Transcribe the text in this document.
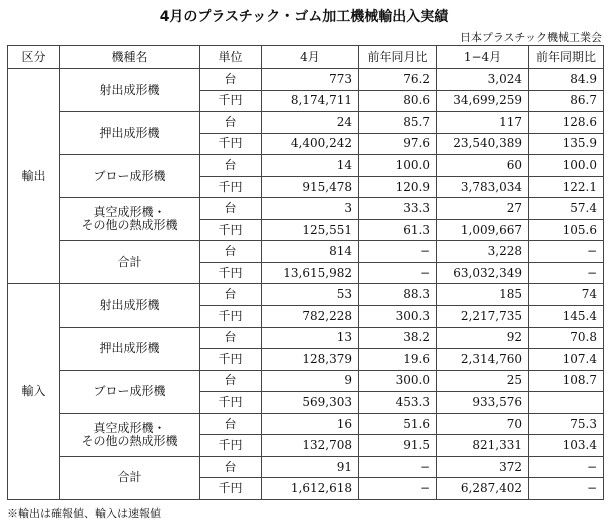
4月のプラスチック・ゴム加工機械輸出入実績
日本プラスチック機械工業会
区分	機種名	単位	4月	前年同月比	1−4月	前年同期比
輸出	射出成形機	台	773	76.2	3,024	84.9
		千円	8,174,711	80.6	34,699,259	86.7
	押出成形機	台	24	85.7	117	128.6
		千円	4,400,242	97.6	23,540,389	135.9
	ブロー成形機	台	14	100.0	60	100.0
		千円	915,478	120.9	3,783,034	122.1
	真空成形機・
その他の熱成形機	台	3	33.3	27	57.4
		千円	125,551	61.3	1,009,667	105.6
	合計	台	814	−	3,228	−
		千円	13,615,982	−	63,032,349	−
輸入	射出成形機	台	53	88.3	185	74
		千円	782,228	300.3	2,217,735	145.4
	押出成形機	台	13	38.2	92	70.8
		千円	128,379	19.6	2,314,760	107.4
	ブロー成形機	台	9	300.0	25	108.7
		千円	569,303	453.3	933,576	
	真空成形機・
その他の熱成形機	台	16	51.6	70	75.3
		千円	132,708	91.5	821,331	103.4
	合計	台	91	−	372	−
		千円	1,612,618	−	6,287,402	−
※輸出は確報値、輸入は速報値
